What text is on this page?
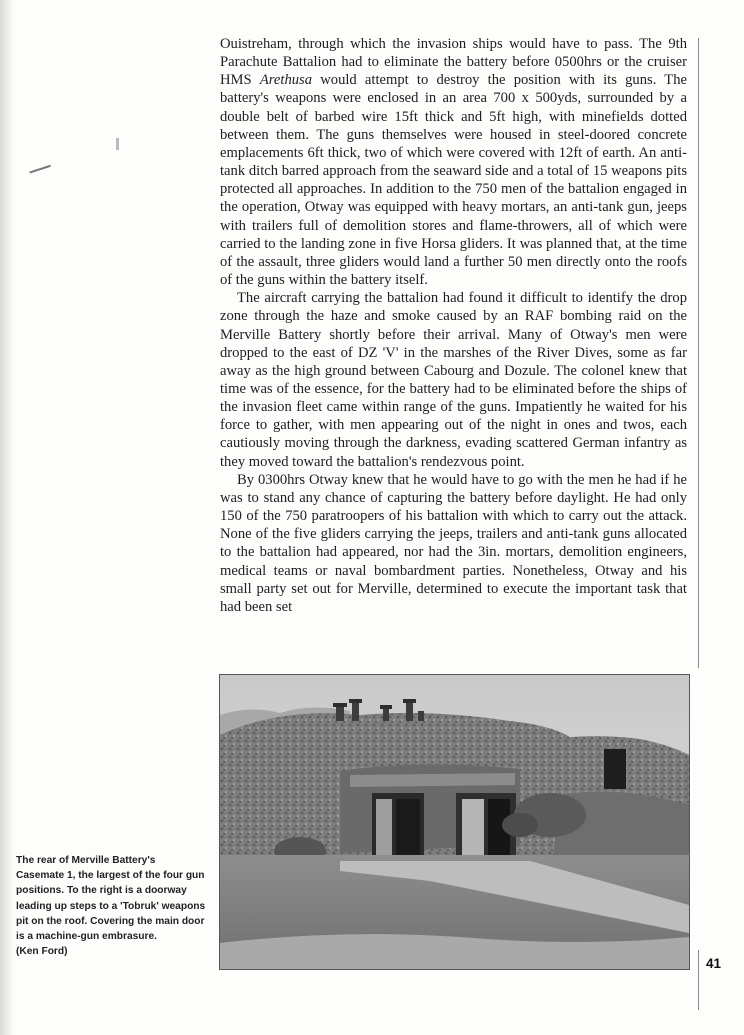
Ouistreham, through which the invasion ships would have to pass. The 9th Parachute Battalion had to eliminate the battery before 0500hrs or the cruiser HMS Arethusa would attempt to destroy the position with its guns. The battery's weapons were enclosed in an area 700 x 500yds, surrounded by a double belt of barbed wire 15ft thick and 5ft high, with minefields dotted between them. The guns themselves were housed in steel-doored concrete emplacements 6ft thick, two of which were covered with 12ft of earth. An anti-tank ditch barred approach from the seaward side and a total of 15 weapons pits protected all approaches. In addition to the 750 men of the battalion engaged in the operation, Otway was equipped with heavy mortars, an anti-tank gun, jeeps with trailers full of demolition stores and flame-throwers, all of which were carried to the landing zone in five Horsa gliders. It was planned that, at the time of the assault, three gliders would land a further 50 men directly onto the roofs of the guns within the battery itself.

The aircraft carrying the battalion had found it difficult to identify the drop zone through the haze and smoke caused by an RAF bombing raid on the Merville Battery shortly before their arrival. Many of Otway's men were dropped to the east of DZ 'V' in the marshes of the River Dives, some as far away as the high ground between Cabourg and Dozule. The colonel knew that time was of the essence, for the battery had to be eliminated before the ships of the invasion fleet came within range of the guns. Impatiently he waited for his force to gather, with men appearing out of the night in ones and twos, each cautiously moving through the darkness, evading scattered German infantry as they moved toward the battalion's rendezvous point.

By 0300hrs Otway knew that he would have to go with the men he had if he was to stand any chance of capturing the battery before daylight. He had only 150 of the 750 paratroopers of his battalion with which to carry out the attack. None of the five gliders carrying the jeeps, trailers and anti-tank guns allocated to the battalion had appeared, nor had the 3in. mortars, demolition engineers, medical teams or naval bombardment parties. Nonetheless, Otway and his small party set out for Merville, determined to execute the important task that had been set

The rear of Merville Battery's Casemate 1, the largest of the four gun positions. To the right is a doorway leading up steps to a 'Tobruk' weapons pit on the roof. Covering the main door is a machine-gun embrasure.
(Ken Ford)
41
